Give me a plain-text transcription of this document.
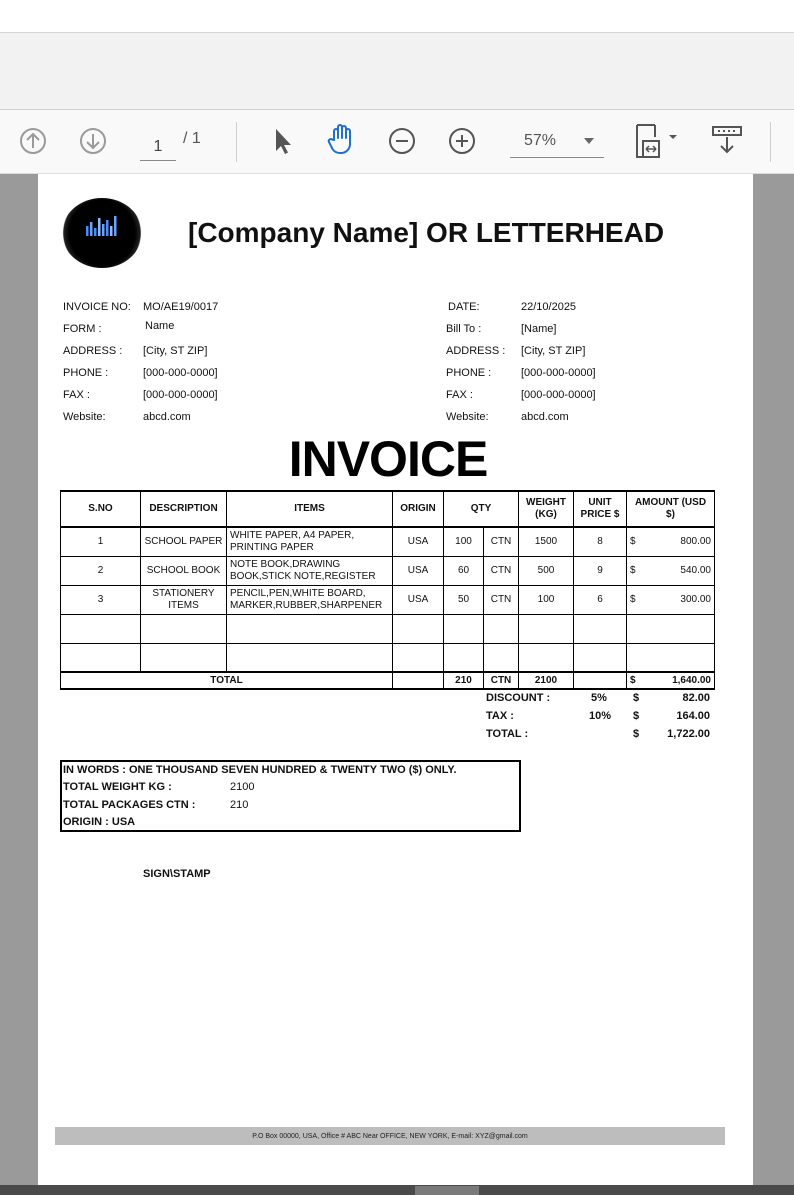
1
/ 1	57%
[Company Name] OR LETTERHEAD
INVOICE NO: MO/AE19/0017
FORM :	Name
ADDRESS : [City, ST ZIP]
PHONE :	[000-000-0000]
FAX :	[000-000-0000]
Website:	abcd.com
DATE:	22/10/2025
Bill To :	[Name]
ADDRESS : [City, ST ZIP]
PHONE :	[000-000-0000]
FAX :	[000-000-0000]
Website:	abcd.com
INVOICE
S.NO	DESCRIPTION	ITEMS	ORIGIN	QTY		WEIGHT (KG)	UNIT PRICE $	AMOUNT (USD $)
1	SCHOOL PAPER	WHITE PAPER, A4 PAPER, PRINTING PAPER	USA	100	CTN	1500	8	$ 800.00

2	SCHOOL BOOK	NOTE BOOK,DRAWING BOOK,STICK NOTE,REGISTER	USA	60	CTN	500	9	$ 540.00

3	STATIONERY ITEMS	PENCIL,PEN,WHITE BOARD, MARKER,RUBBER,SHARPENER	USA	50	CTN	100	6	$ 300.00

TOTAL				210	CTN	2100		$ 1,640.00
DISCOUNT :	5% $	82.00
TAX :	10% $	164.00
TOTAL :	$	1,722.00
IN WORDS : ONE THOUSAND SEVEN HUNDRED & TWENTY TWO ($) ONLY.
TOTAL WEIGHT KG :	2100
TOTAL PACKAGES CTN :	210
ORIGIN : USA
SIGN\STAMP
P.O Box 00000, USA, Office # ABC Near OFFICE, NEW YORK, E-mail: XYZ@gmail.com
